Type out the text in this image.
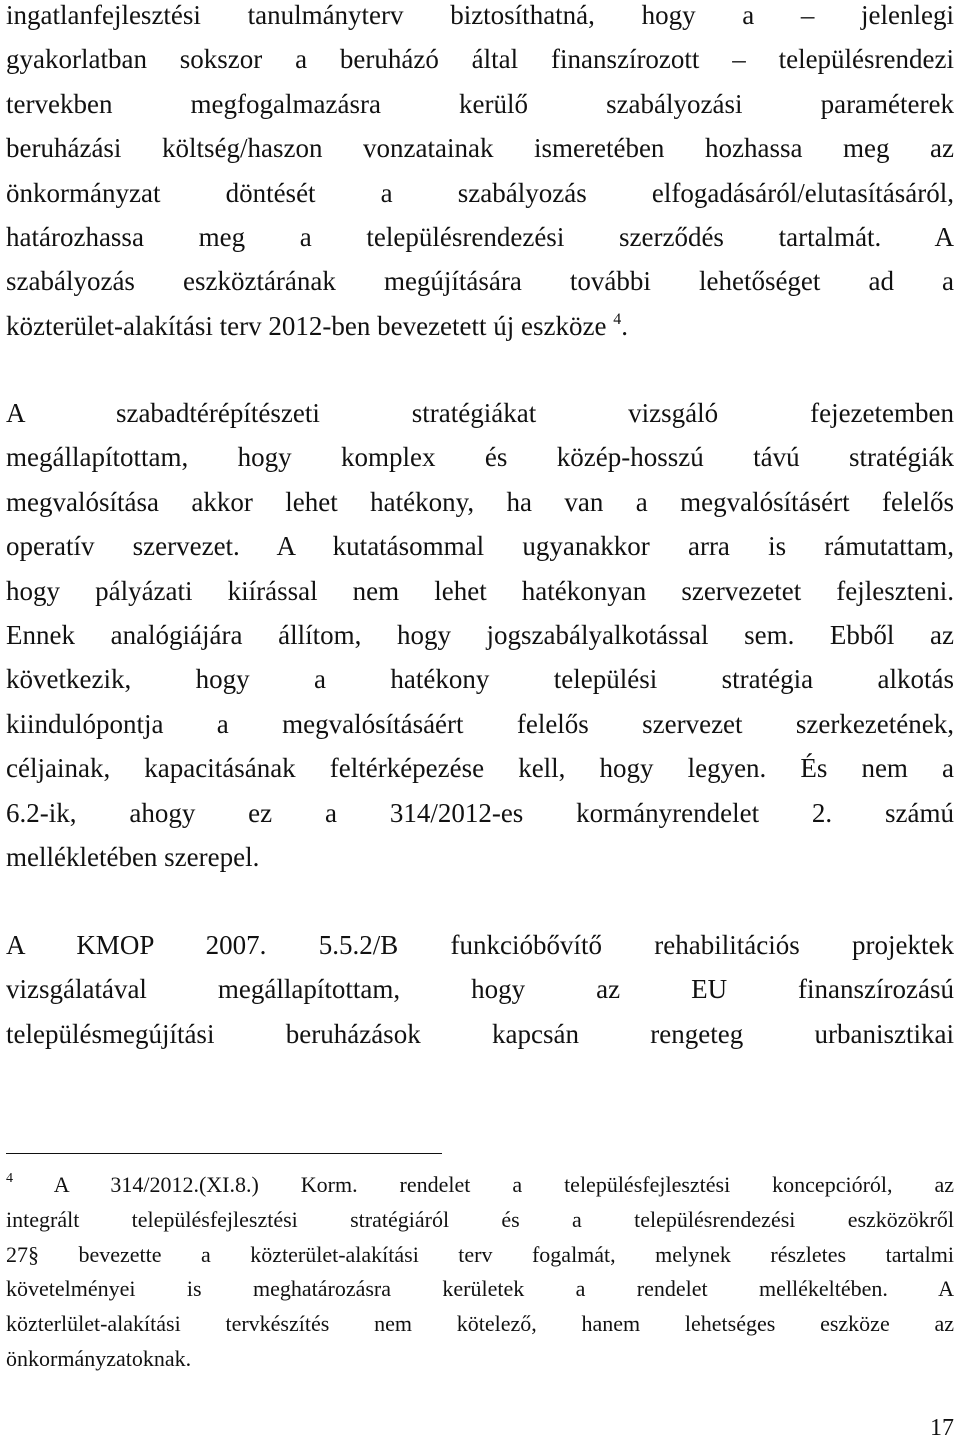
ingatlanfejlesztési tanulmányterv biztosíthatná, hogy a – jelenlegi
gyakorlatban sokszor a beruházó által finanszírozott – településrendezi
tervekben megfogalmazásra kerülő szabályozási paraméterek
beruházási költség/haszon vonzatainak ismeretében hozhassa meg az
önkormányzat döntését a szabályozás elfogadásáról/elutasításáról,
határozhassa meg a településrendezési szerződés tartalmát. A
szabályozás eszköztárának megújítására további lehetőséget ad a
közterület-alakítási terv 2012-ben bevezetett új eszköze $^4$.

A szabadtérépítészeti stratégiákat vizsgáló fejezetemben
megállapítottam, hogy komplex és közép-hosszú távú stratégiák
megvalósítása akkor lehet hatékony, ha van a megvalósításért felelős
operatív szervezet. A kutatásommal ugyanakkor arra is rámutattam,
hogy pályázati kiírással nem lehet hatékonyan szervezetet fejleszteni.
Ennek analógiájára állítom, hogy jogszabályalkotással sem. Ebből az
következik, hogy a hatékony települési stratégia alkotás
kiindulópontja a megvalósításáért felelős szervezet szerkezetének,
céljainak, kapacitásának feltérképezése kell, hogy legyen. És nem a
6.2-ik, ahogy ez a 314/2012-es kormányrendelet 2. számú
mellékletében szerepel.

A KMOP 2007. 5.5.2/B funkcióbővítő rehabilitációs projektek
vizsgálatával megállapítottam, hogy az EU finanszírozású
településmegújítási beruházások kapcsán rengeteg urbanisztikai

$^4$ A 314/2012.(XI.8.) Korm. rendelet a településfejlesztési koncepcióról, az
integrált településfejlesztési stratégiáról és a településrendezési eszközökről
27§ bevezette a közterület-alakítási terv fogalmát, melynek részletes tartalmi
követelményei is meghatározásra kerületek a rendelet mellékeltében. A
közterlület-alakítási tervkészítés nem kötelező, hanem lehetséges eszköze az
önkormányzatoknak.

17
